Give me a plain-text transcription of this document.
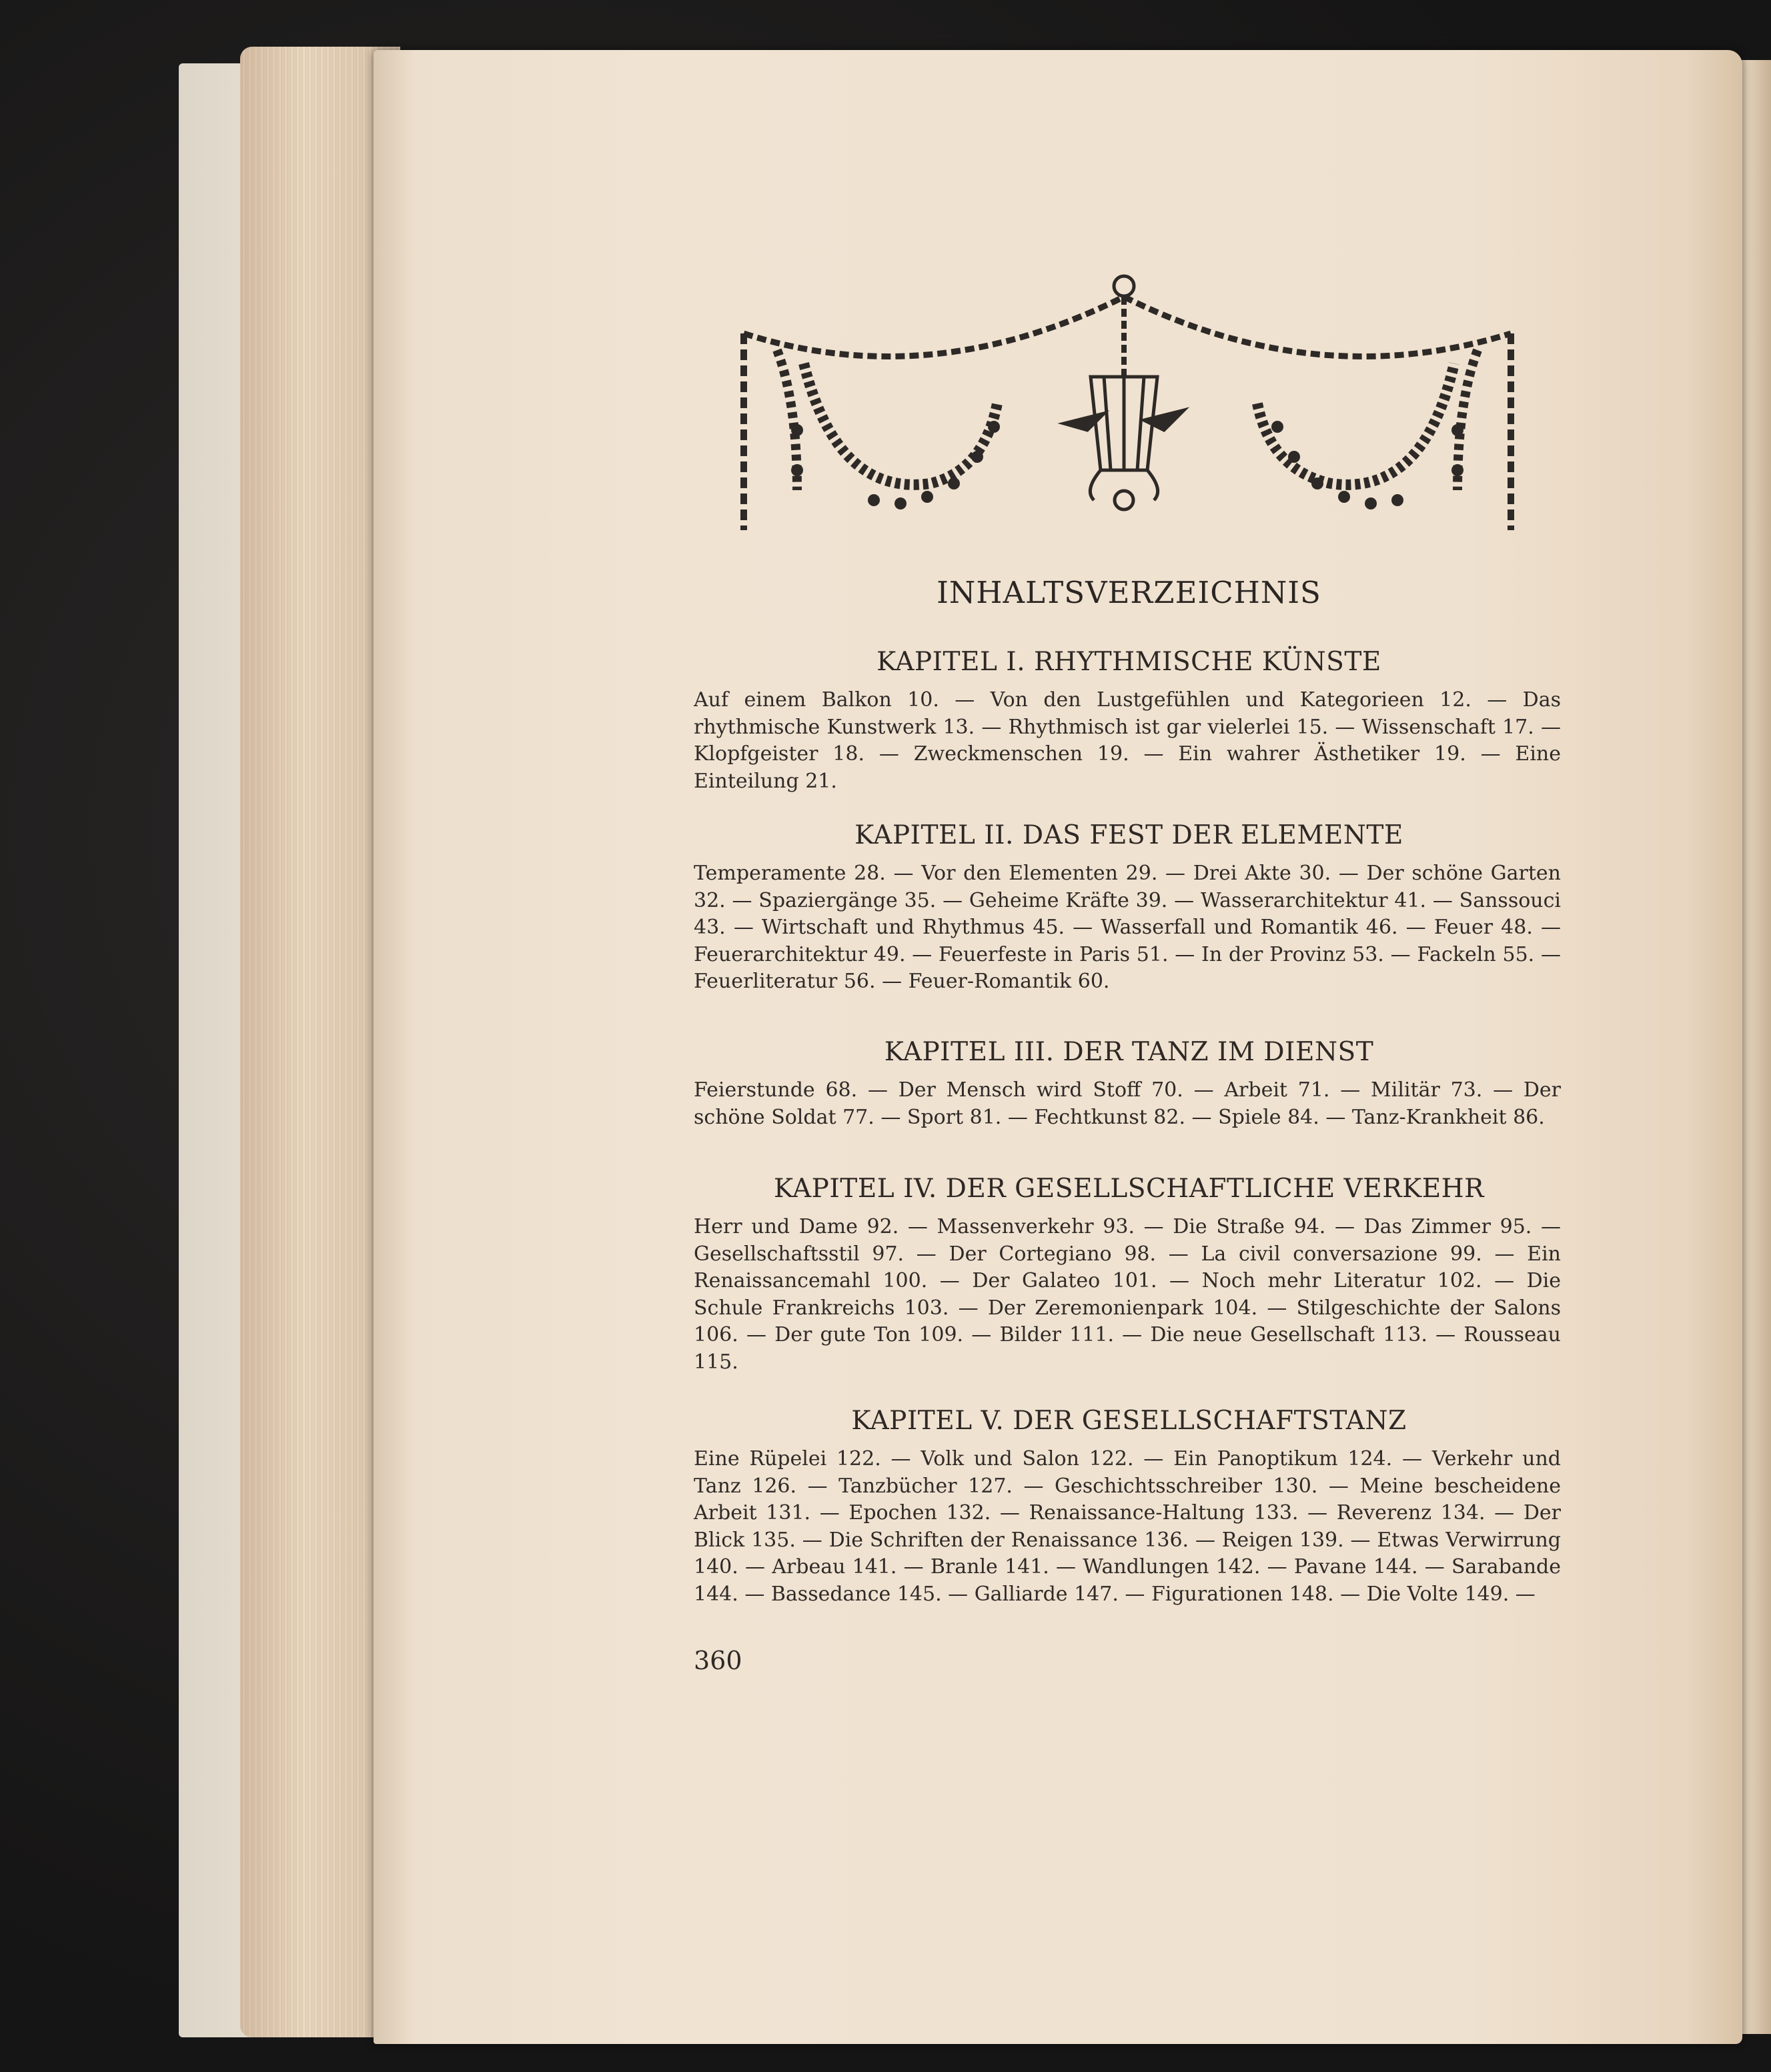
INHALTSVERZEICHNIS
KAPITEL I. RHYTHMISCHE KÜNSTE

Auf einem Balkon 10. — Von den Lustgefühlen und Kategorieen 12. — Das rhythmische Kunstwerk 13. — Rhythmisch ist gar vielerlei 15. — Wissenschaft 17. — Klopfgeister 18. — Zweckmenschen 19. — Ein wahrer Ästhetiker 19. — Eine Einteilung 21.

KAPITEL II. DAS FEST DER ELEMENTE

Temperamente 28. — Vor den Elementen 29. — Drei Akte 30. — Der schöne Garten 32. — Spaziergänge 35. — Geheime Kräfte 39. — Wasserarchitektur 41. — Sanssouci 43. — Wirtschaft und Rhythmus 45. — Wasserfall und Romantik 46. — Feuer 48. — Feuerarchitektur 49. — Feuerfeste in Paris 51. — In der Provinz 53. — Fackeln 55. — Feuerliteratur 56. — Feuer-Romantik 60.

KAPITEL III. DER TANZ IM DIENST

Feierstunde 68. — Der Mensch wird Stoff 70. — Arbeit 71. — Militär 73. — Der schöne Soldat 77. — Sport 81. — Fechtkunst 82. — Spiele 84. — Tanz-Krankheit 86.

KAPITEL IV. DER GESELLSCHAFTLICHE VERKEHR

Herr und Dame 92. — Massenverkehr 93. — Die Straße 94. — Das Zimmer 95. — Gesellschaftsstil 97. — Der Cortegiano 98. — La civil conversazione 99. — Ein Renaissancemahl 100. — Der Galateo 101. — Noch mehr Literatur 102. — Die Schule Frankreichs 103. — Der Zeremonienpark 104. — Stilgeschichte der Salons 106. — Der gute Ton 109. — Bilder 111. — Die neue Gesellschaft 113. — Rousseau 115.

KAPITEL V. DER GESELLSCHAFTSTANZ

Eine Rüpelei 122. — Volk und Salon 122. — Ein Panoptikum 124. — Verkehr und Tanz 126. — Tanzbücher 127. — Geschichtsschreiber 130. — Meine bescheidene Arbeit 131. — Epochen 132. — Renaissance-Haltung 133. — Reverenz 134. — Der Blick 135. — Die Schriften der Renaissance 136. — Reigen 139. — Etwas Verwirrung 140. — Arbeau 141. — Branle 141. — Wandlungen 142. — Pavane 144. — Sarabande 144. — Bassedance 145. — Galliarde 147. — Figurationen 148. — Die Volte 149. —

360
